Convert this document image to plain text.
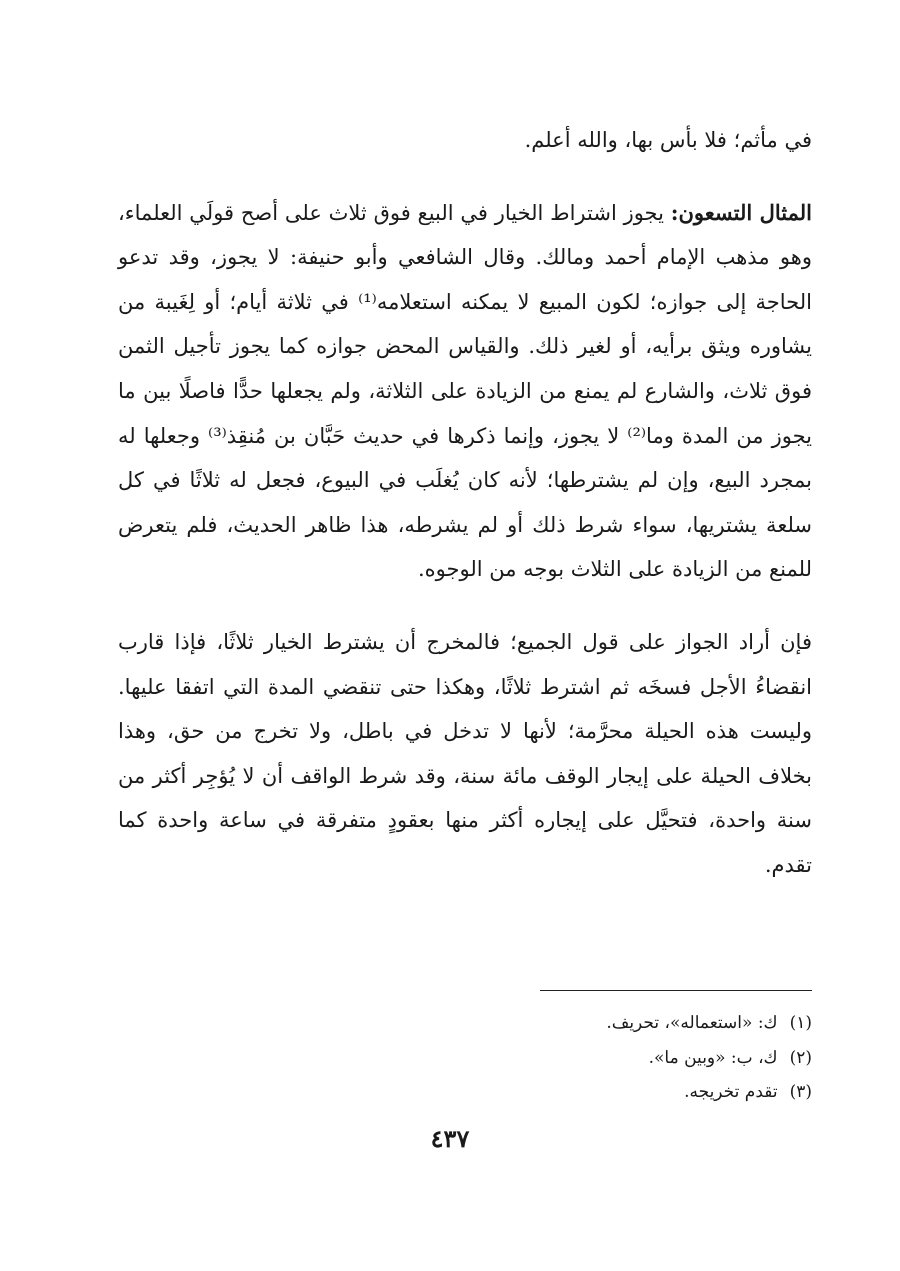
في مأثم؛ فلا بأس بها، والله أعلم.

المثال التسعون: يجوز اشتراط الخيار في البيع فوق ثلاث على أصح قولَي العلماء، وهو مذهب الإمام أحمد ومالك. وقال الشافعي وأبو حنيفة: لا يجوز، وقد تدعو الحاجة إلى جوازه؛ لكون المبيع لا يمكنه استعلامه⁽¹⁾ في ثلاثة أيام؛ أو لِغَيبة من يشاوره ويثق برأيه، أو لغير ذلك. والقياس المحض جوازه كما يجوز تأجيل الثمن فوق ثلاث، والشارع لم يمنع من الزيادة على الثلاثة، ولم يجعلها حدًّا فاصلًا بين ما يجوز من المدة وما⁽²⁾ لا يجوز، وإنما ذكرها في حديث حَبَّان بن مُنقِذ⁽³⁾ وجعلها له بمجرد البيع، وإن لم يشترطها؛ لأنه كان يُغلَب في البيوع، فجعل له ثلاثًا في كل سلعة يشتريها، سواء شرط ذلك أو لم يشرطه، هذا ظاهر الحديث، فلم يتعرض للمنع من الزيادة على الثلاث بوجه من الوجوه.

فإن أراد الجواز على قول الجميع؛ فالمخرج أن يشترط الخيار ثلاثًا، فإذا قارب انقضاءُ الأجل فسخَه ثم اشترط ثلاثًا، وهكذا حتى تنقضي المدة التي اتفقا عليها. وليست هذه الحيلة محرَّمة؛ لأنها لا تدخل في باطل، ولا تخرج من حق، وهذا بخلاف الحيلة على إيجار الوقف مائة سنة، وقد شرط الواقف أن لا يُؤجِر أكثر من سنة واحدة، فتحيَّل على إيجاره أكثر منها بعقودٍ متفرقة في ساعة واحدة كما تقدم.

(١)ك: «استعماله»، تحريف.
(٢)ك، ب: «وبين ما».
(٣)تقدم تخريجه.
٤٣٧
